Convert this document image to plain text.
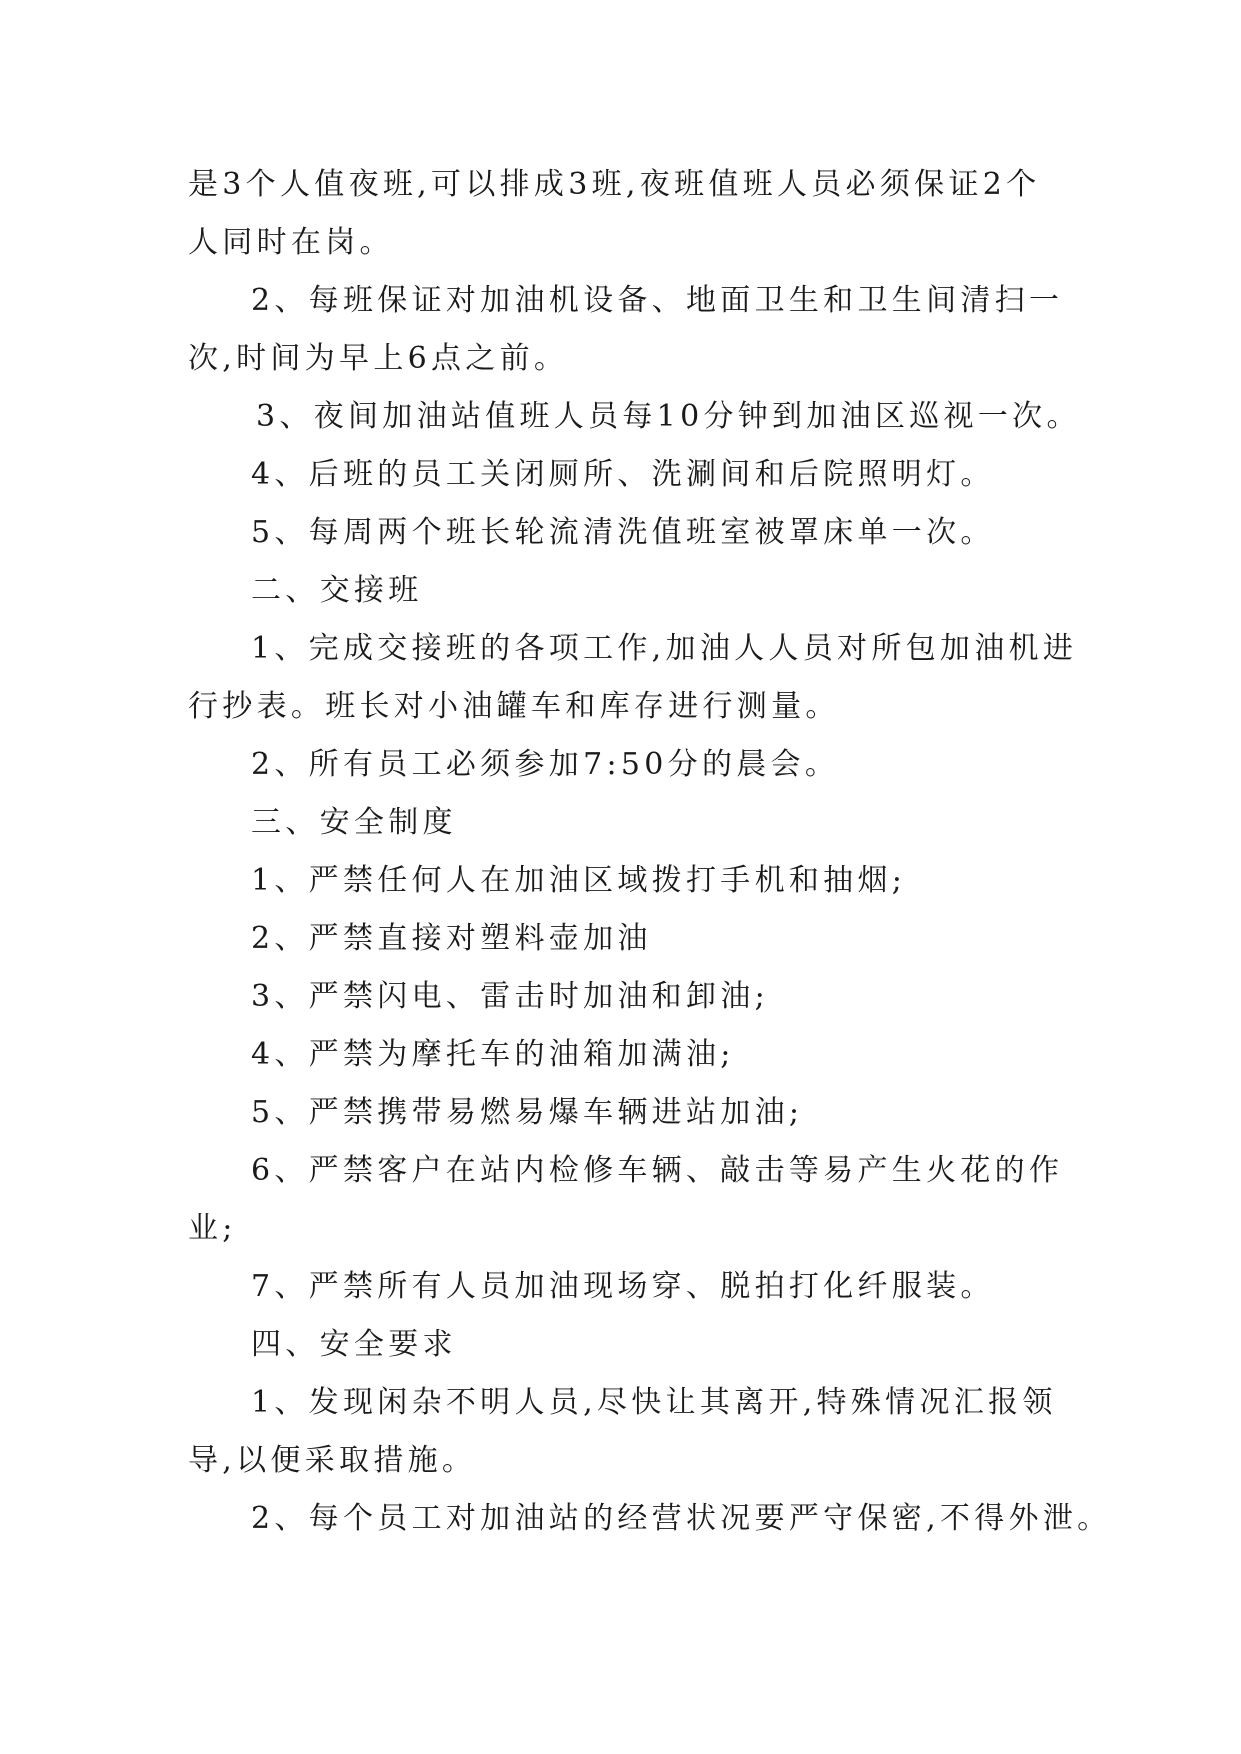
是3个人值夜班,可以排成3班,夜班值班人员必须保证2个

人同时在岗。

2、每班保证对加油机设备、地面卫生和卫生间清扫一

次,时间为早上6点之前。

3、夜间加油站值班人员每10分钟到加油区巡视一次。

4、后班的员工关闭厕所、洗涮间和后院照明灯。

5、每周两个班长轮流清洗值班室被罩床单一次。

二、交接班

1、完成交接班的各项工作,加油人人员对所包加油机进

行抄表。班长对小油罐车和库存进行测量。

2、所有员工必须参加7:50分的晨会。

三、安全制度

1、严禁任何人在加油区域拨打手机和抽烟;

2、严禁直接对塑料壶加油

3、严禁闪电、雷击时加油和卸油;

4、严禁为摩托车的油箱加满油;

5、严禁携带易燃易爆车辆进站加油;

6、严禁客户在站内检修车辆、敲击等易产生火花的作

业;

7、严禁所有人员加油现场穿、脱拍打化纤服装。

四、安全要求

1、发现闲杂不明人员,尽快让其离开,特殊情况汇报领

导,以便采取措施。

2、每个员工对加油站的经营状况要严守保密,不得外泄。
